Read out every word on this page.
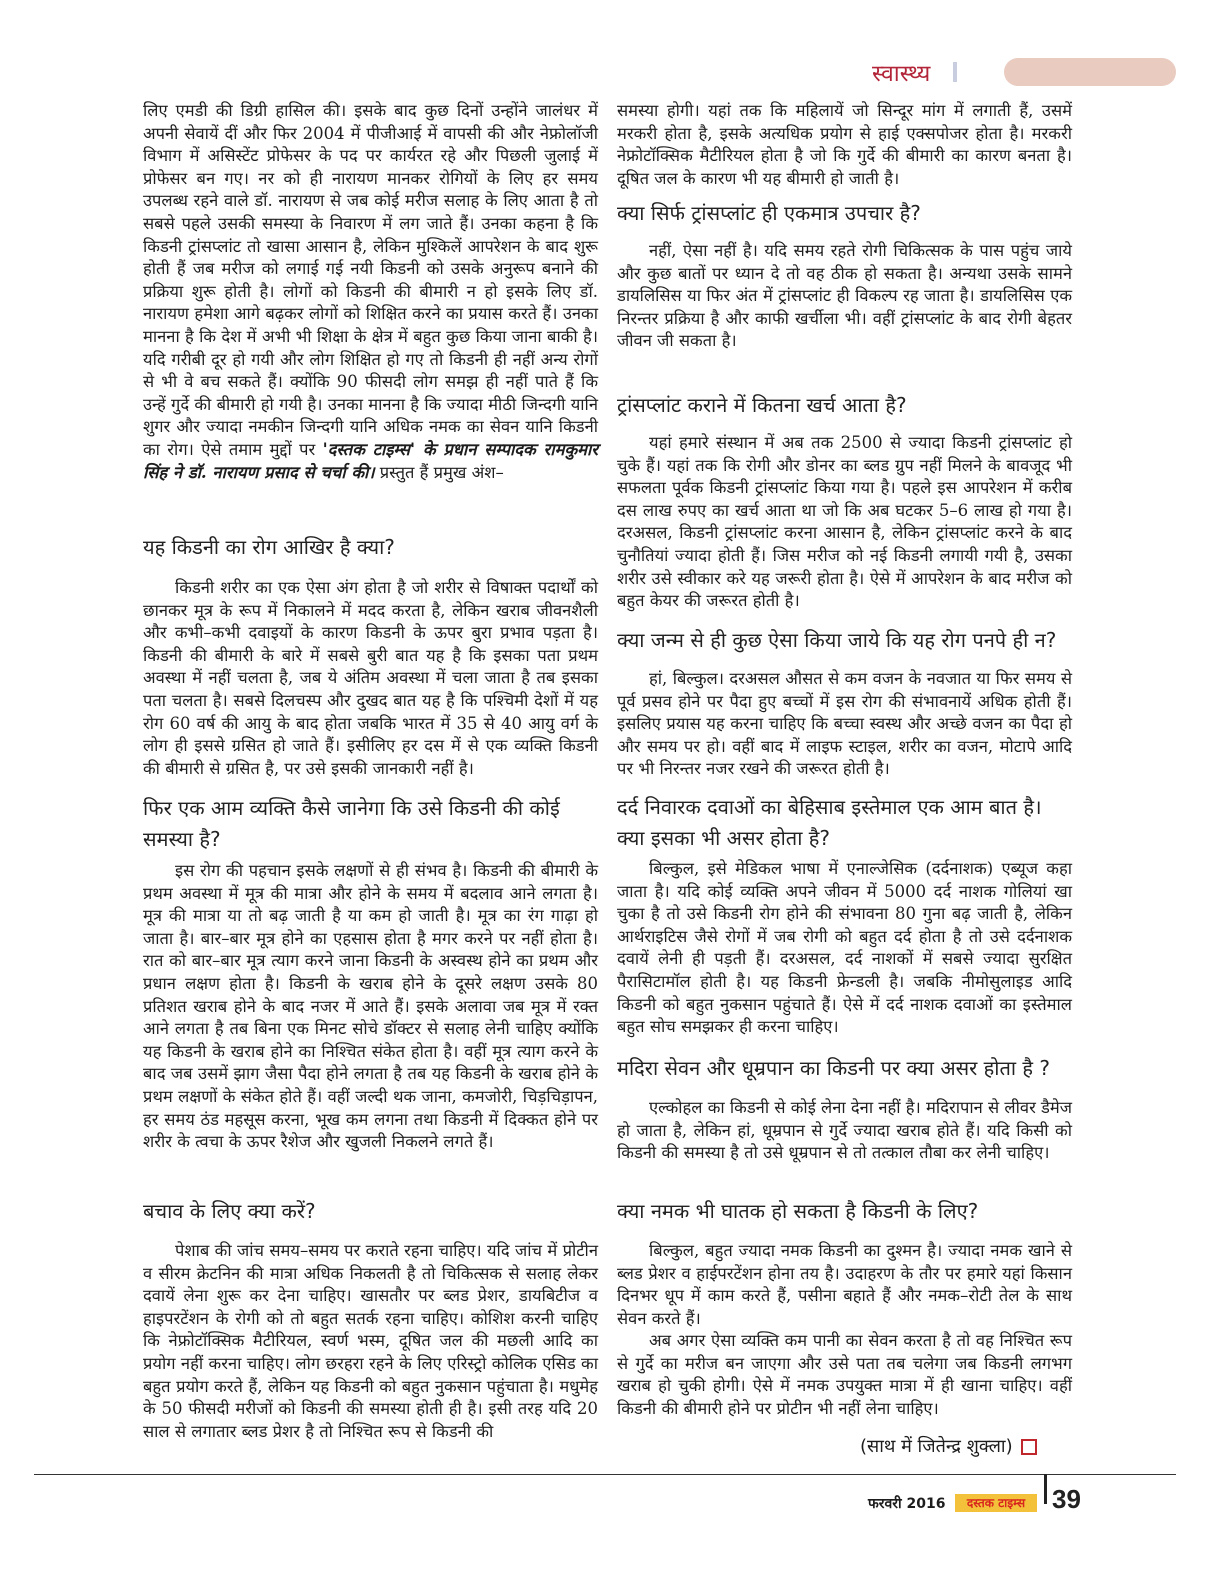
स्वास्थ्य
लिए एमडी की डिग्री हासिल की। इसके बाद कुछ दिनों उन्होंने जालंधर में अपनी सेवायें दीं और फिर 2004 में पीजीआई में वापसी की और नेफ्रोलॉजी विभाग में असिस्टेंट प्रोफेसर के पद पर कार्यरत रहे और पिछली जुलाई में प्रोफेसर बन गए। नर को ही नारायण मानकर रोगियों के लिए हर समय उपलब्ध रहने वाले डॉ. नारायण से जब कोई मरीज सलाह के लिए आता है तो सबसे पहले उसकी समस्या के निवारण में लग जाते हैं। उनका कहना है कि किडनी ट्रांसप्लांट तो खासा आसान है, लेकिन मुश्किलें आपरेशन के बाद शुरू होती हैं जब मरीज को लगाई गई नयी किडनी को उसके अनुरूप बनाने की प्रक्रिया शुरू होती है। लोगों को किडनी की बीमारी न हो इसके लिए डॉ. नारायण हमेशा आगे बढ़कर लोगों को शिक्षित करने का प्रयास करते हैं। उनका मानना है कि देश में अभी भी शिक्षा के क्षेत्र में बहुत कुछ किया जाना बाकी है। यदि गरीबी दूर हो गयी और लोग शिक्षित हो गए तो किडनी ही नहीं अन्य रोगों से भी वे बच सकते हैं। क्योंकि 90 फीसदी लोग समझ ही नहीं पाते हैं कि उन्हें गुर्दे की बीमारी हो गयी है। उनका मानना है कि ज्यादा मीठी जिन्दगी यानि शुगर और ज्यादा नमकीन जिन्दगी यानि अधिक नमक का सेवन यानि किडनी का रोग। ऐसे तमाम मुद्दों पर 'दस्तक टाइम्स' के प्रधान सम्पादक रामकुमार सिंह ने डॉ. नारायण प्रसाद से चर्चा की। प्रस्तुत हैं प्रमुख अंश–
यह किडनी का रोग आखिर है क्या?
किडनी शरीर का एक ऐसा अंग होता है जो शरीर से विषाक्त पदार्थों को छानकर मूत्र के रूप में निकालने में मदद करता है, लेकिन खराब जीवनशैली और कभी–कभी दवाइयों के कारण किडनी के ऊपर बुरा प्रभाव पड़ता है। किडनी की बीमारी के बारे में सबसे बुरी बात यह है कि इसका पता प्रथम अवस्था में नहीं चलता है, जब ये अंतिम अवस्था में चला जाता है तब इसका पता चलता है। सबसे दिलचस्प और दुखद बात यह है कि पश्चिमी देशों में यह रोग 60 वर्ष की आयु के बाद होता जबकि भारत में 35 से 40 आयु वर्ग के लोग ही इससे ग्रसित हो जाते हैं। इसीलिए हर दस में से एक व्यक्ति किडनी की बीमारी से ग्रसित है, पर उसे इसकी जानकारी नहीं है।
फिर एक आम व्यक्ति कैसे जानेगा कि उसे किडनी की कोई समस्या है?
इस रोग की पहचान इसके लक्षणों से ही संभव है। किडनी की बीमारी के प्रथम अवस्था में मूत्र की मात्रा और होने के समय में बदलाव आने लगता है। मूत्र की मात्रा या तो बढ़ जाती है या कम हो जाती है। मूत्र का रंग गाढ़ा हो जाता है। बार–बार मूत्र होने का एहसास होता है मगर करने पर नहीं होता है। रात को बार–बार मूत्र त्याग करने जाना किडनी के अस्वस्थ होने का प्रथम और प्रधान लक्षण होता है। किडनी के खराब होने के दूसरे लक्षण उसके 80 प्रतिशत खराब होने के बाद नजर में आते हैं। इसके अलावा जब मूत्र में रक्त आने लगता है तब बिना एक मिनट सोचे डॉक्टर से सलाह लेनी चाहिए क्योंकि यह किडनी के खराब होने का निश्चित संकेत होता है। वहीं मूत्र त्याग करने के बाद जब उसमें झाग जैसा पैदा होने लगता है तब यह किडनी के खराब होने के प्रथम लक्षणों के संकेत होते हैं। वहीं जल्दी थक जाना, कमजोरी, चिड़चिड़ापन, हर समय ठंड महसूस करना, भूख कम लगना तथा किडनी में दिक्कत होने पर शरीर के त्वचा के ऊपर रैशेज और खुजली निकलने लगते हैं।
बचाव के लिए क्या करें?
पेशाब की जांच समय–समय पर कराते रहना चाहिए। यदि जांच में प्रोटीन व सीरम क्रेटनिन की मात्रा अधिक निकलती है तो चिकित्सक से सलाह लेकर दवायें लेना शुरू कर देना चाहिए। खासतौर पर ब्लड प्रेशर, डायबिटीज व हाइपरटेंशन के रोगी को तो बहुत सतर्क रहना चाहिए। कोशिश करनी चाहिए कि नेफ्रोटॉक्सिक मैटीरियल, स्वर्ण भस्म, दूषित जल की मछली आदि का प्रयोग नहीं करना चाहिए। लोग छरहरा रहने के लिए एरिस्ट्रो कोलिक एसिड का बहुत प्रयोग करते हैं, लेकिन यह किडनी को बहुत नुकसान पहुंचाता है। मधुमेह के 50 फीसदी मरीजों को किडनी की समस्या होती ही है। इसी तरह यदि 20 साल से लगातार ब्लड प्रेशर है तो निश्चित रूप से किडनी की
समस्या होगी। यहां तक कि महिलायें जो सिन्दूर मांग में लगाती हैं, उसमें मरकरी होता है, इसके अत्यधिक प्रयोग से हाई एक्सपोजर होता है। मरकरी नेफ्रोटॉक्सिक मैटीरियल होता है जो कि गुर्दे की बीमारी का कारण बनता है। दूषित जल के कारण भी यह बीमारी हो जाती है।
क्या सिर्फ ट्रांसप्लांट ही एकमात्र उपचार है?
नहीं, ऐसा नहीं है। यदि समय रहते रोगी चिकित्सक के पास पहुंच जाये और कुछ बातों पर ध्यान दे तो वह ठीक हो सकता है। अन्यथा उसके सामने डायलिसिस या फिर अंत में ट्रांसप्लांट ही विकल्प रह जाता है। डायलिसिस एक निरन्तर प्रक्रिया है और काफी खर्चीला भी। वहीं ट्रांसप्लांट के बाद रोगी बेहतर जीवन जी सकता है।
ट्रांसप्लांट कराने में कितना खर्च आता है?
यहां हमारे संस्थान में अब तक 2500 से ज्यादा किडनी ट्रांसप्लांट हो चुके हैं। यहां तक कि रोगी और डोनर का ब्लड ग्रुप नहीं मिलने के बावजूद भी सफलता पूर्वक किडनी ट्रांसप्लांट किया गया है। पहले इस आपरेशन में करीब दस लाख रुपए का खर्च आता था जो कि अब घटकर 5–6 लाख हो गया है। दरअसल, किडनी ट्रांसप्लांट करना आसान है, लेकिन ट्रांसप्लांट करने के बाद चुनौतियां ज्यादा होती हैं। जिस मरीज को नई किडनी लगायी गयी है, उसका शरीर उसे स्वीकार करे यह जरूरी होता है। ऐसे में आपरेशन के बाद मरीज को बहुत केयर की जरूरत होती है।
क्या जन्म से ही कुछ ऐसा किया जाये कि यह रोग पनपे ही न?
हां, बिल्कुल। दरअसल औसत से कम वजन के नवजात या फिर समय से पूर्व प्रसव होने पर पैदा हुए बच्चों में इस रोग की संभावनायें अधिक होती हैं। इसलिए प्रयास यह करना चाहिए कि बच्चा स्वस्थ और अच्छे वजन का पैदा हो और समय पर हो। वहीं बाद में लाइफ स्टाइल, शरीर का वजन, मोटापे आदि पर भी निरन्तर नजर रखने की जरूरत होती है।
दर्द निवारक दवाओं का बेहिसाब इस्तेमाल एक आम बात है। क्या इसका भी असर होता है?
बिल्कुल, इसे मेडिकल भाषा में एनाल्जेसिक (दर्दनाशक) एब्यूज कहा जाता है। यदि कोई व्यक्ति अपने जीवन में 5000 दर्द नाशक गोलियां खा चुका है तो उसे किडनी रोग होने की संभावना 80 गुना बढ़ जाती है, लेकिन आर्थराइटिस जैसे रोगों में जब रोगी को बहुत दर्द होता है तो उसे दर्दनाशक दवायें लेनी ही पड़ती हैं। दरअसल, दर्द नाशकों में सबसे ज्यादा सुरक्षित पैरासिटामॉल होती है। यह किडनी फ्रेन्डली है। जबकि नीमोसुलाइड आदि किडनी को बहुत नुकसान पहुंचाते हैं। ऐसे में दर्द नाशक दवाओं का इस्तेमाल बहुत सोच समझकर ही करना चाहिए।
मदिरा सेवन और धूम्रपान का किडनी पर क्या असर होता है ?
एल्कोहल का किडनी से कोई लेना देना नहीं है। मदिरापान से लीवर डैमेज हो जाता है, लेकिन हां, धूम्रपान से गुर्दे ज्यादा खराब होते हैं। यदि किसी को किडनी की समस्या है तो उसे धूम्रपान से तो तत्काल तौबा कर लेनी चाहिए।
क्या नमक भी घातक हो सकता है किडनी के लिए?
बिल्कुल, बहुत ज्यादा नमक किडनी का दुश्मन है। ज्यादा नमक खाने से ब्लड प्रेशर व हाईपरटेंशन होना तय है। उदाहरण के तौर पर हमारे यहां किसान दिनभर धूप में काम करते हैं, पसीना बहाते हैं और नमक–रोटी तेल के साथ सेवन करते हैं।
अब अगर ऐसा व्यक्ति कम पानी का सेवन करता है तो वह निश्चित रूप से गुर्दे का मरीज बन जाएगा और उसे पता तब चलेगा जब किडनी लगभग खराब हो चुकी होगी। ऐसे में नमक उपयुक्त मात्रा में ही खाना चाहिए। वहीं किडनी की बीमारी होने पर प्रोटीन भी नहीं लेना चाहिए।
(साथ में जितेन्द्र शुक्ला)
फरवरी 2016	दस्तक टाइम्स	39
